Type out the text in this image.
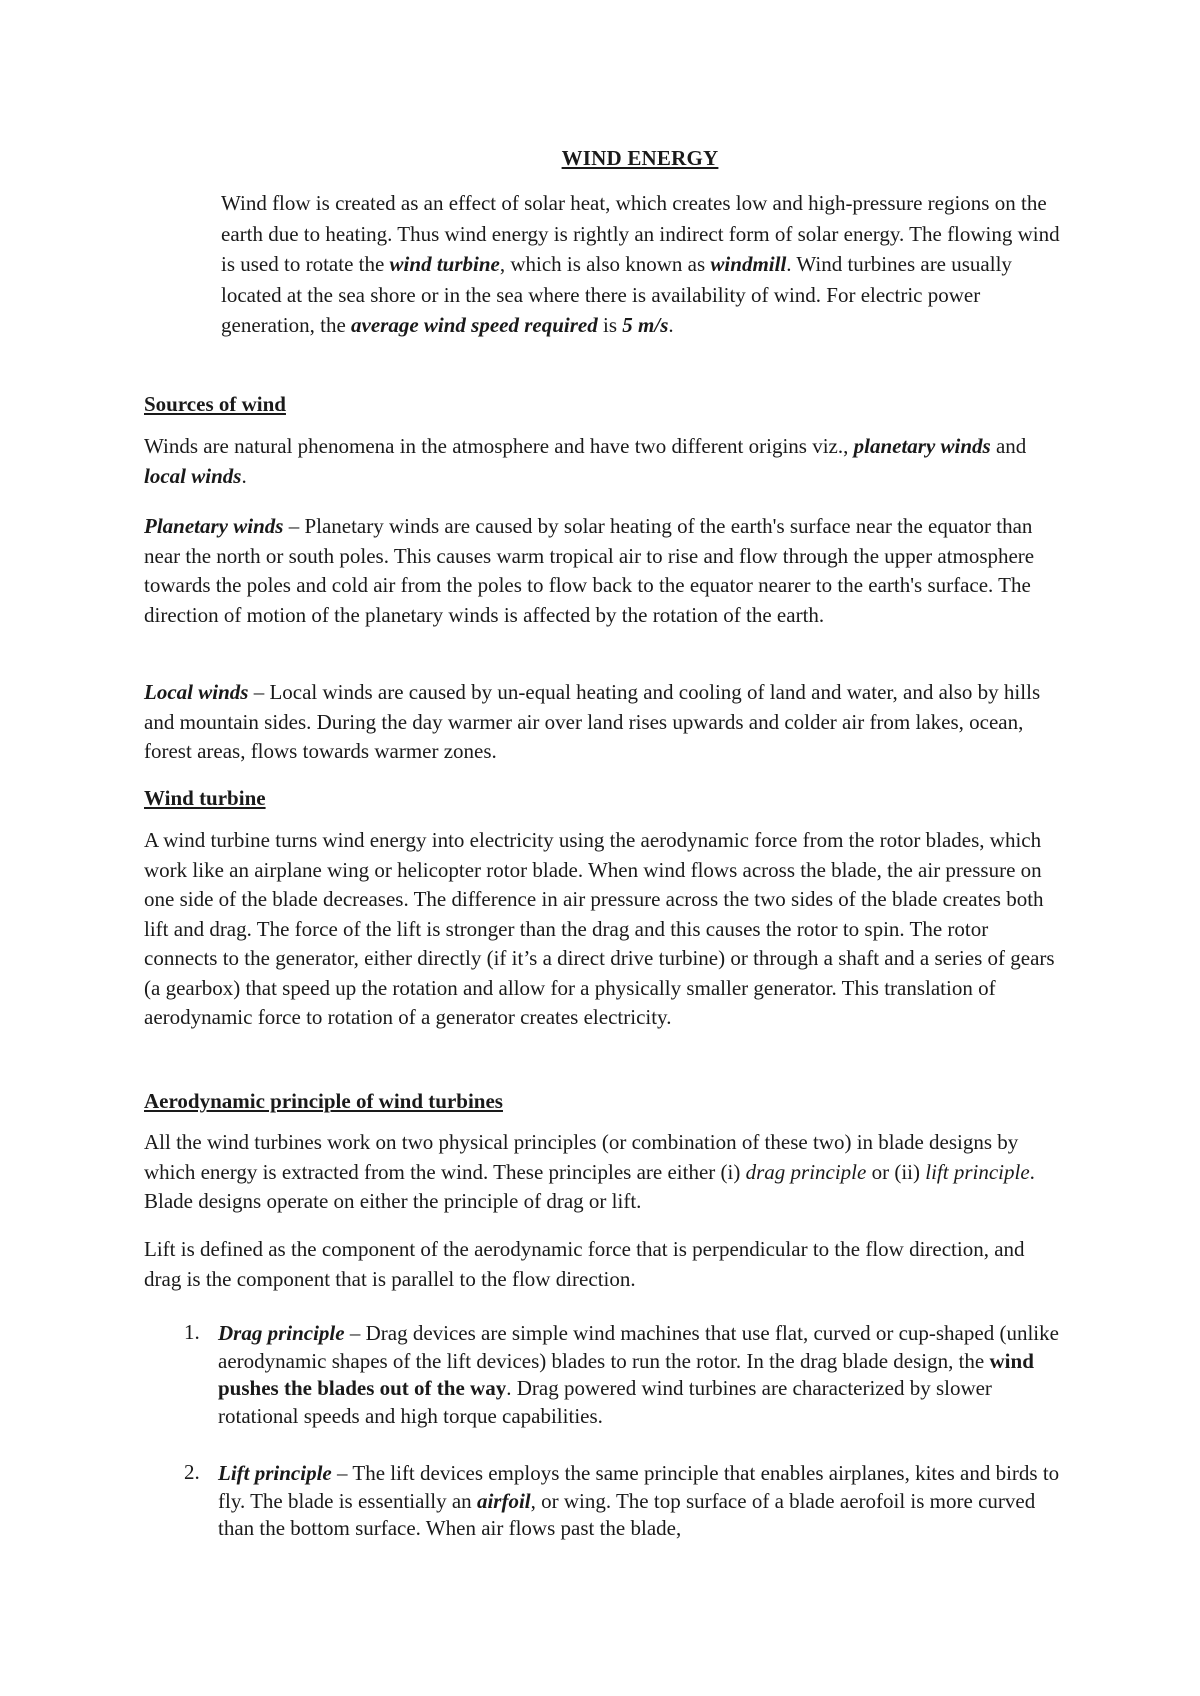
WIND ENERGY

Wind flow is created as an effect of solar heat, which creates low and high-pressure regions on the earth due to heating. Thus wind energy is rightly an indirect form of solar energy. The flowing wind is used to rotate the wind turbine, which is also known as windmill. Wind turbines are usually located at the sea shore or in the sea where there is availability of wind. For electric power generation, the average wind speed required is 5 m/s.

Sources of wind

Winds are natural phenomena in the atmosphere and have two different origins viz., planetary winds and local winds.

Planetary winds – Planetary winds are caused by solar heating of the earth's surface near the equator than near the north or south poles. This causes warm tropical air to rise and flow through the upper atmosphere towards the poles and cold air from the poles to flow back to the equator nearer to the earth's surface. The direction of motion of the planetary winds is affected by the rotation of the earth.

Local winds – Local winds are caused by un-equal heating and cooling of land and water, and also by hills and mountain sides. During the day warmer air over land rises upwards and colder air from lakes, ocean, forest areas, flows towards warmer zones.

Wind turbine

A wind turbine turns wind energy into electricity using the aerodynamic force from the rotor blades, which work like an airplane wing or helicopter rotor blade. When wind flows across the blade, the air pressure on one side of the blade decreases. The difference in air pressure across the two sides of the blade creates both lift and drag. The force of the lift is stronger than the drag and this causes the rotor to spin. The rotor connects to the generator, either directly (if it’s a direct drive turbine) or through a shaft and a series of gears (a gearbox) that speed up the rotation and allow for a physically smaller generator. This translation of aerodynamic force to rotation of a generator creates electricity.

Aerodynamic principle of wind turbines

All the wind turbines work on two physical principles (or combination of these two) in blade designs by which energy is extracted from the wind. These principles are either (i) drag principle or (ii) lift principle. Blade designs operate on either the principle of drag or lift.

Lift is defined as the component of the aerodynamic force that is perpendicular to the flow direction, and drag is the component that is parallel to the flow direction.

1. Drag principle – Drag devices are simple wind machines that use flat, curved or cup-shaped (unlike aerodynamic shapes of the lift devices) blades to run the rotor. In the drag blade design, the wind pushes the blades out of the way. Drag powered wind turbines are characterized by slower rotational speeds and high torque capabilities.

2. Lift principle – The lift devices employs the same principle that enables airplanes, kites and birds to fly. The blade is essentially an airfoil, or wing. The top surface of a blade aerofoil is more curved than the bottom surface. When air flows past the blade,
